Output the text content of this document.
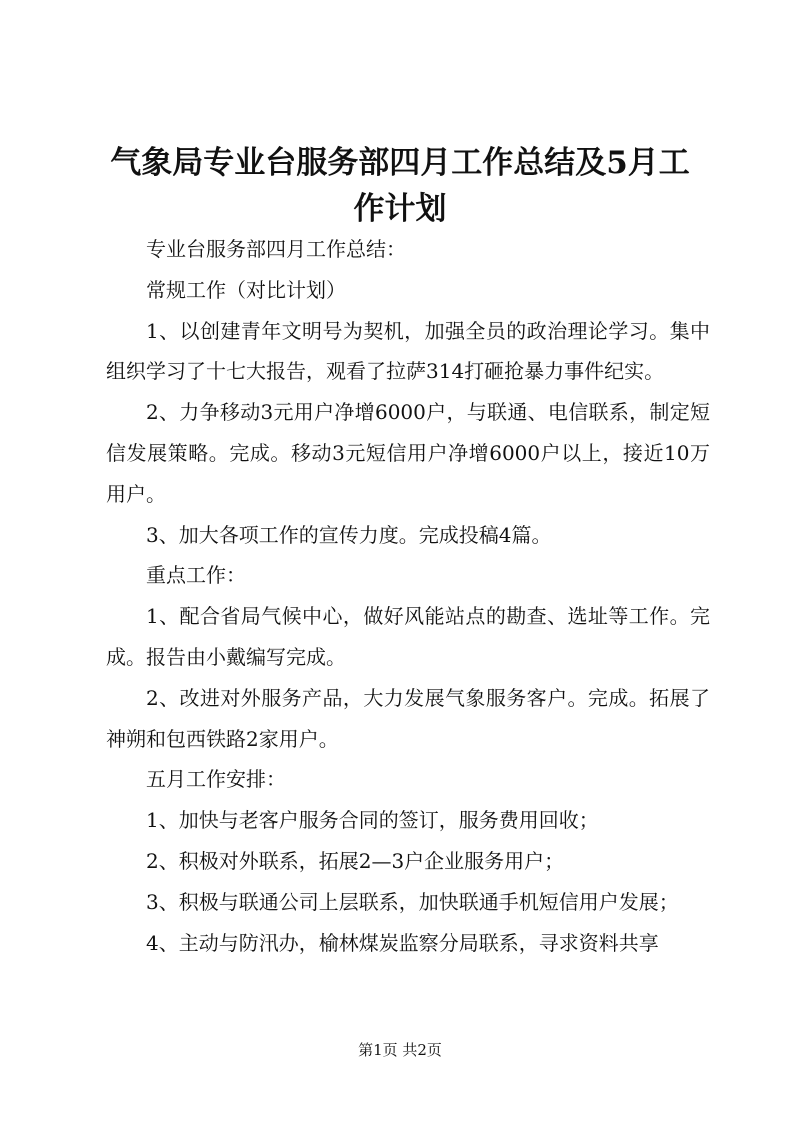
气象局专业台服务部四月工作总结及5月工作计划

专业台服务部四月工作总结：

常规工作（对比计划）

1、以创建青年文明号为契机，加强全员的政治理论学习。集中组织学习了十七大报告，观看了拉萨314打砸抢暴力事件纪实。

2、力争移动3元用户净增6000户，与联通、电信联系，制定短信发展策略。完成。移动3元短信用户净增6000户以上，接近10万用户。

3、加大各项工作的宣传力度。完成投稿4篇。

重点工作：

1、配合省局气候中心，做好风能站点的勘查、选址等工作。完成。报告由小戴编写完成。

2、改进对外服务产品，大力发展气象服务客户。完成。拓展了神朔和包西铁路2家用户。

五月工作安排：

1、加快与老客户服务合同的签订，服务费用回收；

2、积极对外联系，拓展2—3户企业服务用户；

3、积极与联通公司上层联系，加快联通手机短信用户发展；

4、主动与防汛办，榆林煤炭监察分局联系，寻求资料共享

第1页 共2页
